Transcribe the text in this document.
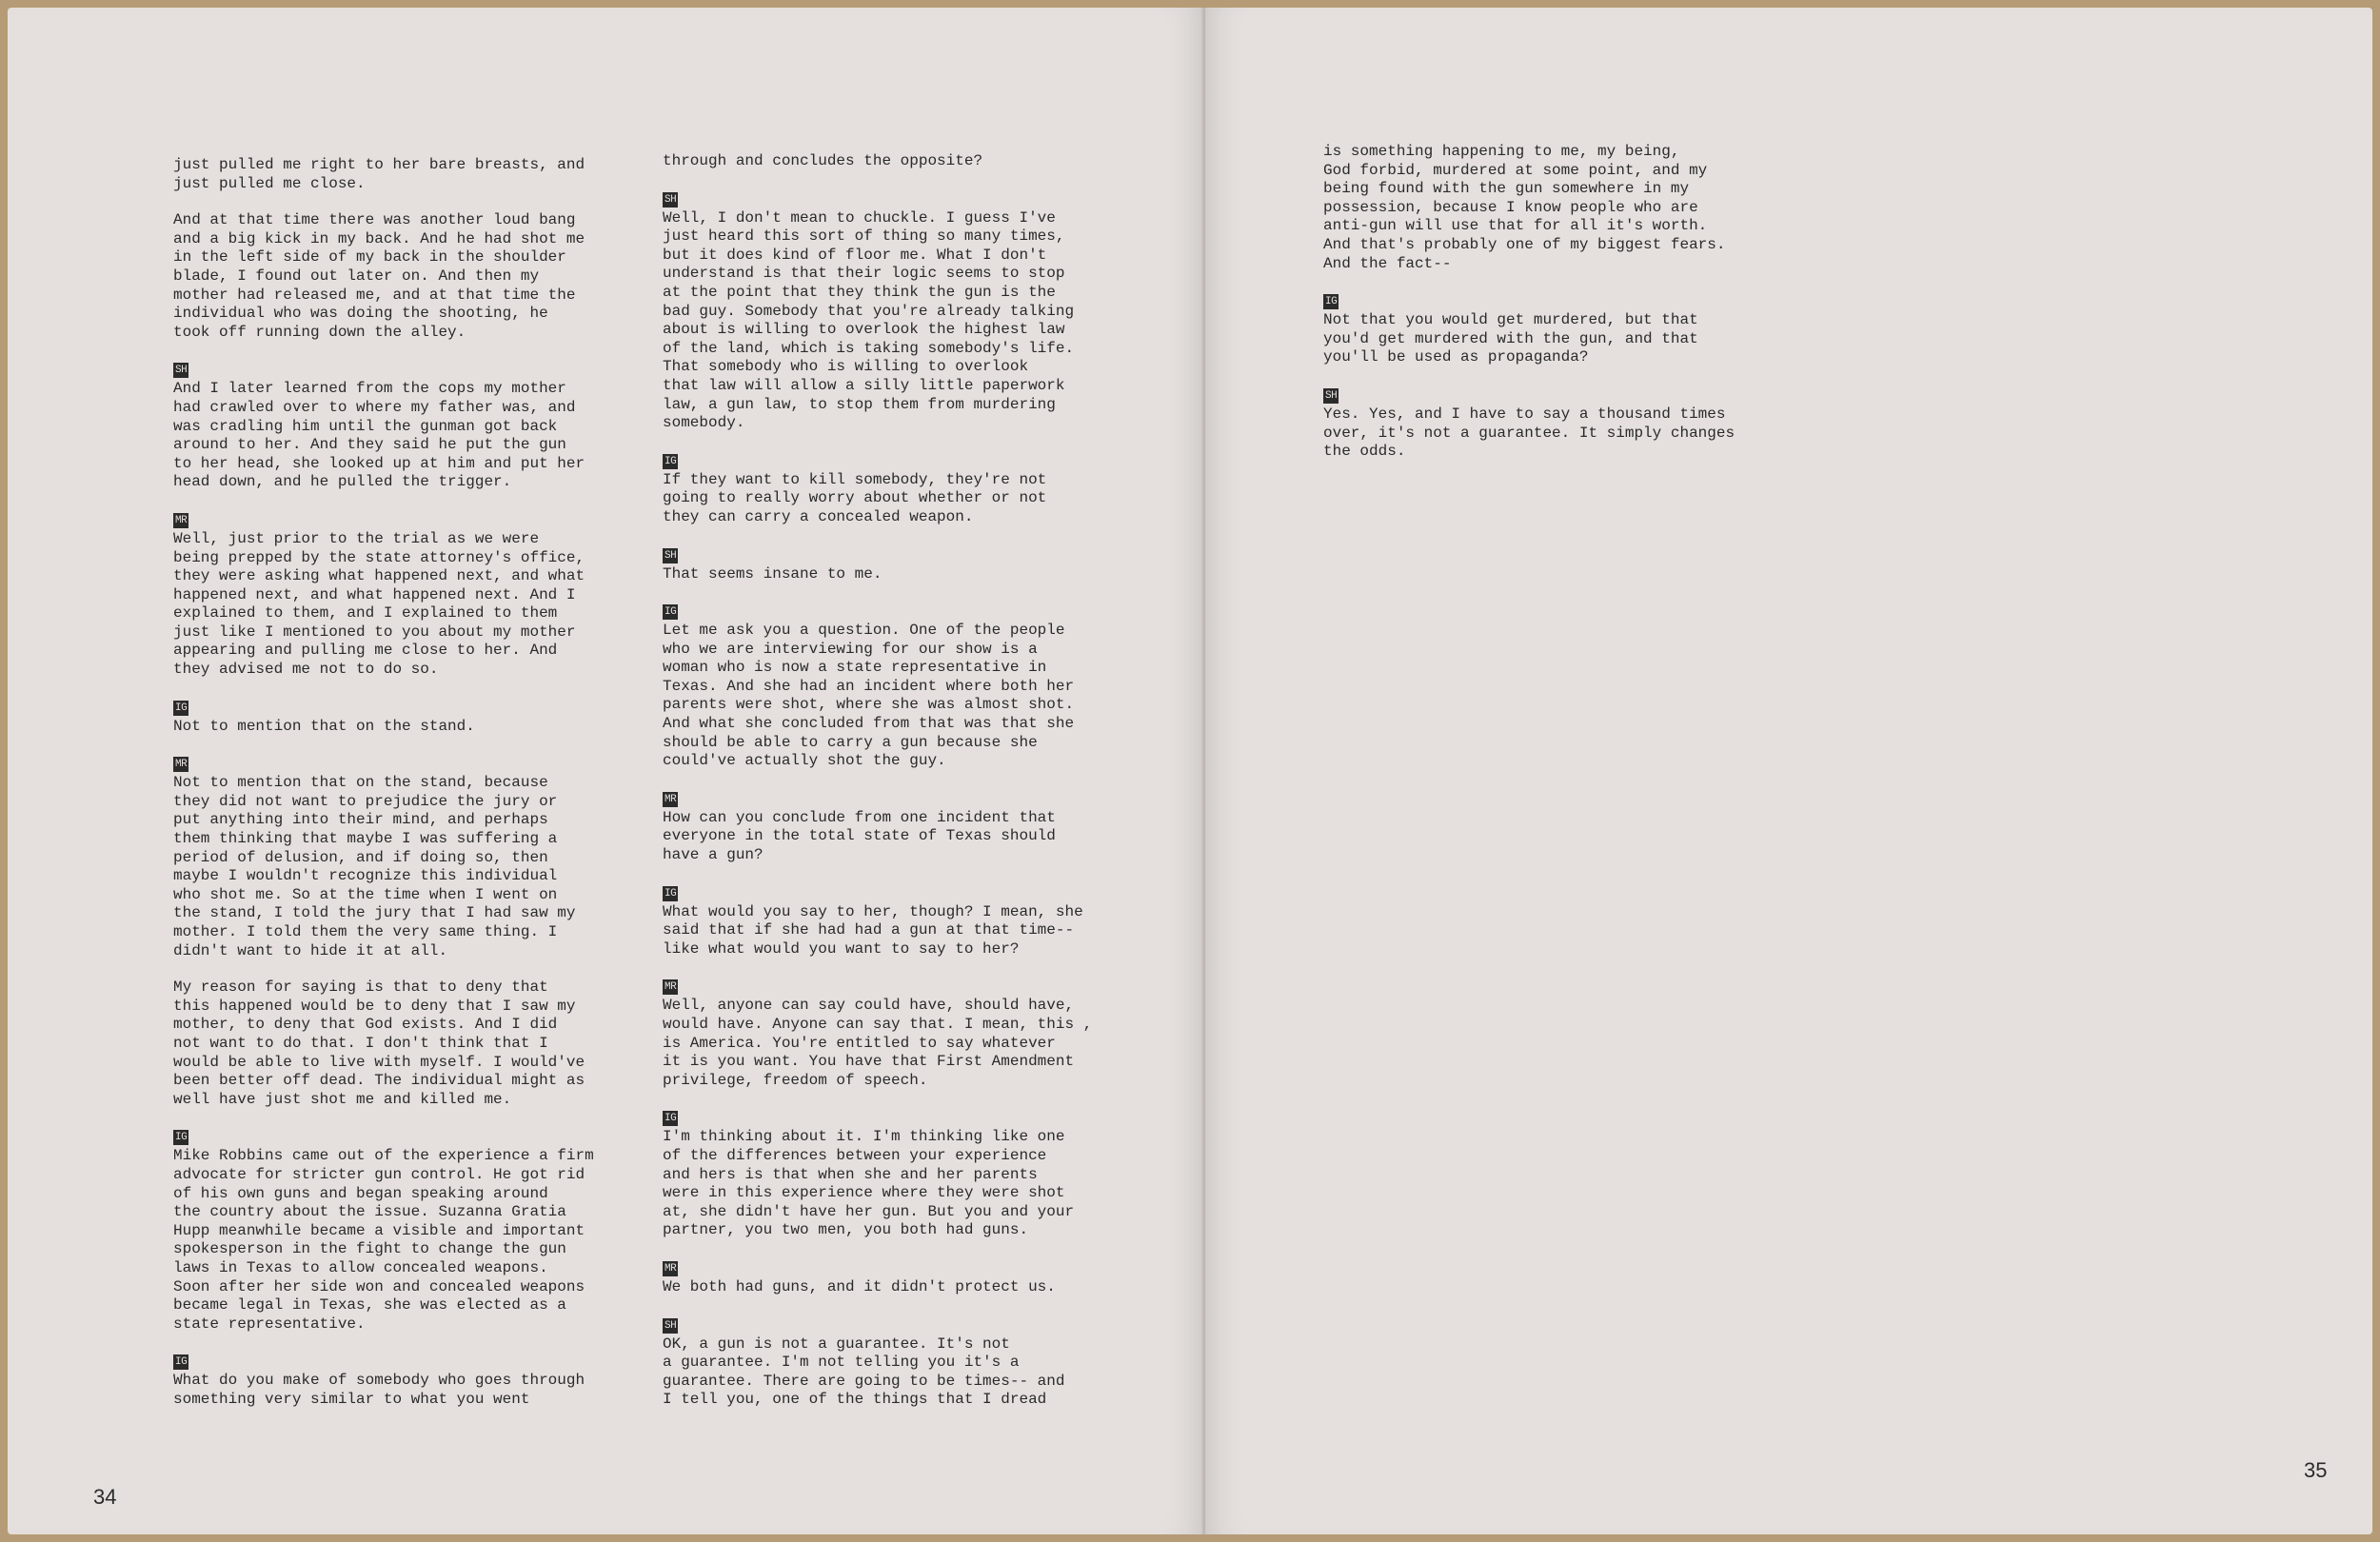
just pulled me right to her bare breasts, and
just pulled me close.
And at that time there was another loud bang
and a big kick in my back. And he had shot me
in the left side of my back in the shoulder
blade, I found out later on. And then my
mother had released me, and at that time the
individual who was doing the shooting, he
took off running down the alley.
SH
And I later learned from the cops my mother
had crawled over to where my father was, and
was cradling him until the gunman got back
around to her. And they said he put the gun
to her head, she looked up at him and put her
head down, and he pulled the trigger.
MR
Well, just prior to the trial as we were
being prepped by the state attorney's office,
they were asking what happened next, and what
happened next, and what happened next. And I
explained to them, and I explained to them
just like I mentioned to you about my mother
appearing and pulling me close to her. And
they advised me not to do so.
IG
Not to mention that on the stand.
MR
Not to mention that on the stand, because
they did not want to prejudice the jury or
put anything into their mind, and perhaps
them thinking that maybe I was suffering a
period of delusion, and if doing so, then
maybe I wouldn't recognize this individual
who shot me. So at the time when I went on
the stand, I told the jury that I had saw my
mother. I told them the very same thing. I
didn't want to hide it at all.
My reason for saying is that to deny that
this happened would be to deny that I saw my
mother, to deny that God exists. And I did
not want to do that. I don't think that I
would be able to live with myself. I would've
been better off dead. The individual might as
well have just shot me and killed me.
IG
Mike Robbins came out of the experience a firm
advocate for stricter gun control. He got rid
of his own guns and began speaking around
the country about the issue. Suzanna Gratia
Hupp meanwhile became a visible and important
spokesperson in the fight to change the gun
laws in Texas to allow concealed weapons.
Soon after her side won and concealed weapons
became legal in Texas, she was elected as a
state representative.
IG
What do you make of somebody who goes through
something very similar to what you went
through and concludes the opposite?
SH
Well, I don't mean to chuckle. I guess I've
just heard this sort of thing so many times,
but it does kind of floor me. What I don't
understand is that their logic seems to stop
at the point that they think the gun is the
bad guy. Somebody that you're already talking
about is willing to overlook the highest law
of the land, which is taking somebody's life.
That somebody who is willing to overlook
that law will allow a silly little paperwork
law, a gun law, to stop them from murdering
somebody.
IG
If they want to kill somebody, they're not
going to really worry about whether or not
they can carry a concealed weapon.
SH
That seems insane to me.
IG
Let me ask you a question. One of the people
who we are interviewing for our show is a
woman who is now a state representative in
Texas. And she had an incident where both her
parents were shot, where she was almost shot.
And what she concluded from that was that she
should be able to carry a gun because she
could've actually shot the guy.
MR
How can you conclude from one incident that
everyone in the total state of Texas should
have a gun?
IG
What would you say to her, though? I mean, she
said that if she had had a gun at that time--
like what would you want to say to her?
MR
Well, anyone can say could have, should have,
would have. Anyone can say that. I mean, this ,
is America. You're entitled to say whatever
it is you want. You have that First Amendment
privilege, freedom of speech.
IG
I'm thinking about it. I'm thinking like one
of the differences between your experience
and hers is that when she and her parents
were in this experience where they were shot
at, she didn't have her gun. But you and your
partner, you two men, you both had guns.
MR
We both had guns, and it didn't protect us.
SH
OK, a gun is not a guarantee. It's not
a guarantee. I'm not telling you it's a
guarantee. There are going to be times-- and
I tell you, one of the things that I dread
is something happening to me, my being,
God forbid, murdered at some point, and my
being found with the gun somewhere in my
possession, because I know people who are
anti-gun will use that for all it's worth.
And that's probably one of my biggest fears.
And the fact--
IG
Not that you would get murdered, but that
you'd get murdered with the gun, and that
you'll be used as propaganda?
SH
Yes. Yes, and I have to say a thousand times
over, it's not a guarantee. It simply changes
the odds.
34
35
